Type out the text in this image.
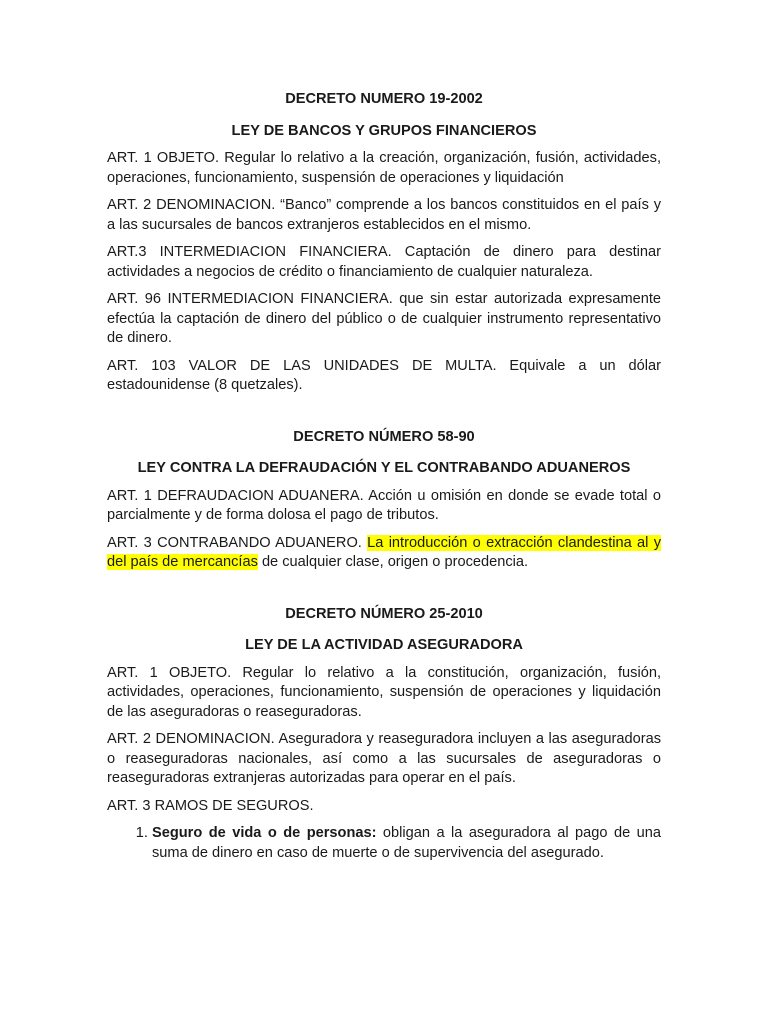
DECRETO NUMERO 19-2002

LEY DE BANCOS Y GRUPOS FINANCIEROS

ART. 1 OBJETO. Regular lo relativo a la creación, organización, fusión, actividades, operaciones, funcionamiento, suspensión de operaciones y liquidación

ART. 2 DENOMINACION. “Banco” comprende a los bancos constituidos en el país y a las sucursales de bancos extranjeros establecidos en el mismo.

ART.3 INTERMEDIACION FINANCIERA. Captación de dinero para destinar actividades a negocios de crédito o financiamiento de cualquier naturaleza.

ART. 96 INTERMEDIACION FINANCIERA. que sin estar autorizada expresamente efectúa la captación de dinero del público o de cualquier instrumento representativo de dinero.

ART. 103 VALOR DE LAS UNIDADES DE MULTA. Equivale a un dólar estadounidense (8 quetzales).

DECRETO NÚMERO 58-90

LEY CONTRA LA DEFRAUDACIÓN Y EL CONTRABANDO ADUANEROS

ART. 1 DEFRAUDACION ADUANERA. Acción u omisión en donde se evade total o parcialmente y de forma dolosa el pago de tributos.

ART. 3 CONTRABANDO ADUANERO. La introducción o extracción clandestina al y del país de mercancías de cualquier clase, origen o procedencia.

DECRETO NÚMERO 25-2010

LEY DE LA ACTIVIDAD ASEGURADORA

ART. 1 OBJETO. Regular lo relativo a la constitución, organización, fusión, actividades, operaciones, funcionamiento, suspensión de operaciones y liquidación de las aseguradoras o reaseguradoras.

ART. 2 DENOMINACION. Aseguradora y reaseguradora incluyen a las aseguradoras o reaseguradoras nacionales, así como a las sucursales de aseguradoras o reaseguradoras extranjeras autorizadas para operar en el país.

ART. 3 RAMOS DE SEGUROS.

1. Seguro de vida o de personas: obligan a la aseguradora al pago de una suma de dinero en caso de muerte o de supervivencia del asegurado.
